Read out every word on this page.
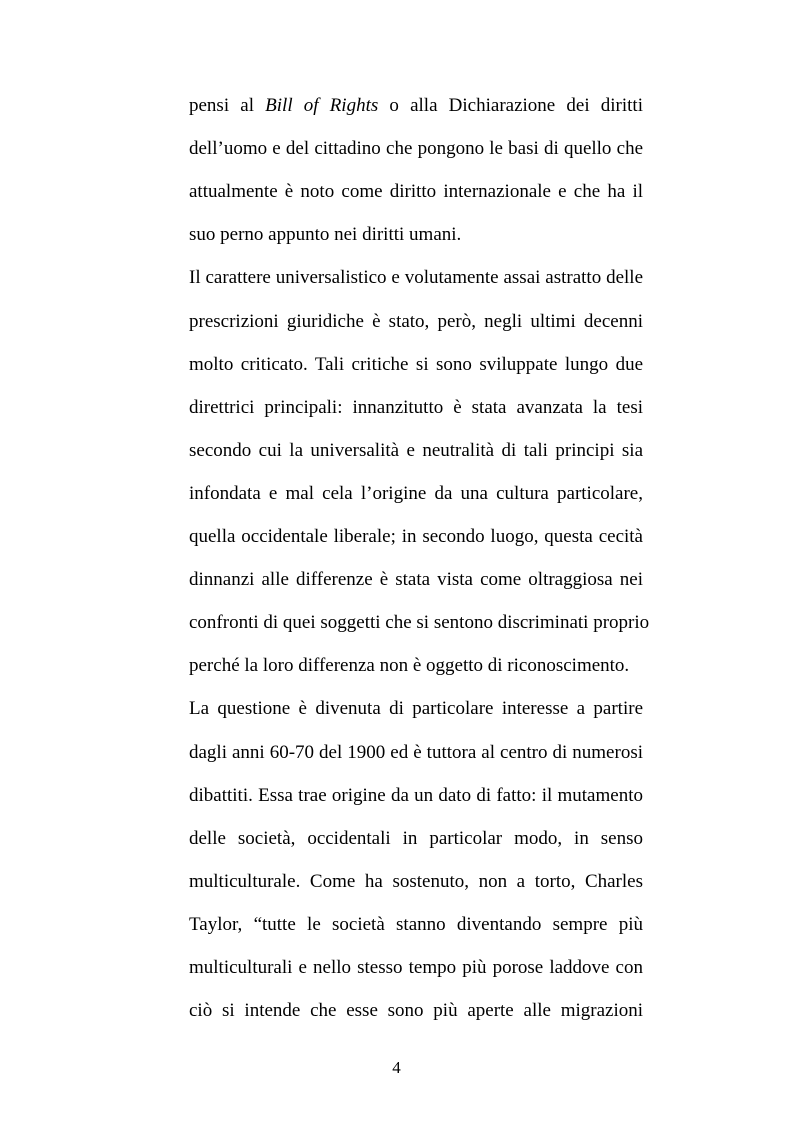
pensi al Bill of Rights o alla Dichiarazione dei diritti
dell’uomo e del cittadino che pongono le basi di quello che
attualmente è noto come diritto internazionale e che ha il
suo perno appunto nei diritti umani.
Il carattere universalistico e volutamente assai astratto delle
prescrizioni giuridiche è stato, però, negli ultimi decenni
molto criticato. Tali critiche si sono sviluppate lungo due
direttrici principali: innanzitutto è stata avanzata la tesi
secondo cui la universalità e neutralità di tali principi sia
infondata e mal cela l’origine da una cultura particolare,
quella occidentale liberale; in secondo luogo, questa cecità
dinnanzi alle differenze è stata vista come oltraggiosa nei
confronti di quei soggetti che si sentono discriminati proprio
perché la loro differenza non è oggetto di riconoscimento.
La questione è divenuta di particolare interesse a partire
dagli anni 60-70 del 1900 ed è tuttora al centro di numerosi
dibattiti. Essa trae origine da un dato di fatto: il mutamento
delle società, occidentali in particolar modo, in senso
multiculturale. Come ha sostenuto, non a torto, Charles
Taylor, “tutte le società stanno diventando sempre più
multiculturali e nello stesso tempo più porose laddove con
ciò si intende che esse sono più aperte alle migrazioni
4
